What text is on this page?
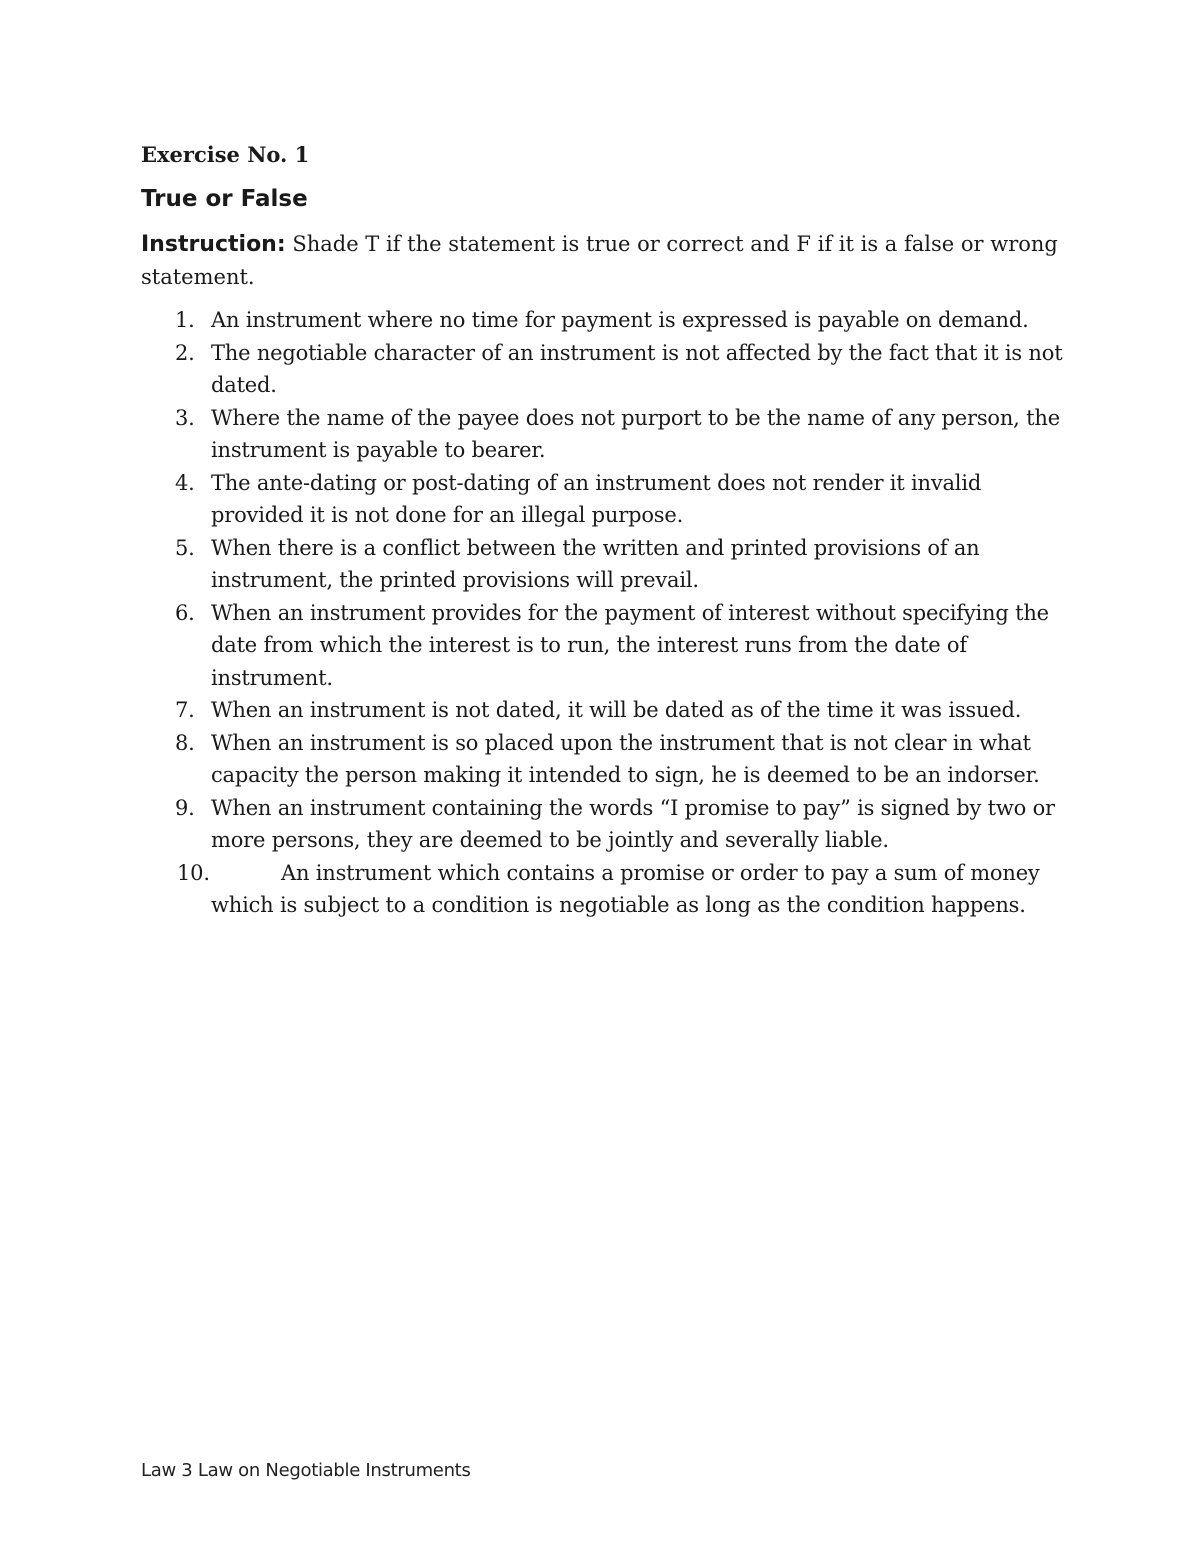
Exercise No. 1
True or False

Instruction: Shade T if the statement is true or correct and F if it is a false or wrong statement.

1. An instrument where no time for payment is expressed is payable on demand.
2. The negotiable character of an instrument is not affected by the fact that it is not dated.
3. Where the name of the payee does not purport to be the name of any person, the instrument is payable to bearer.
4. The ante-dating or post-dating of an instrument does not render it invalid provided it is not done for an illegal purpose.
5. When there is a conflict between the written and printed provisions of an instrument, the printed provisions will prevail.
6. When an instrument provides for the payment of interest without specifying the date from which the interest is to run, the interest runs from the date of instrument.
7. When an instrument is not dated, it will be dated as of the time it was issued.
8. When an instrument is so placed upon the instrument that is not clear in what capacity the person making it intended to sign, he is deemed to be an indorser.
9. When an instrument containing the words “I promise to pay” is signed by two or more persons, they are deemed to be jointly and severally liable.
10.	An instrument which contains a promise or order to pay a sum of money which is subject to a condition is negotiable as long as the condition happens.
Law 3 Law on Negotiable Instruments
